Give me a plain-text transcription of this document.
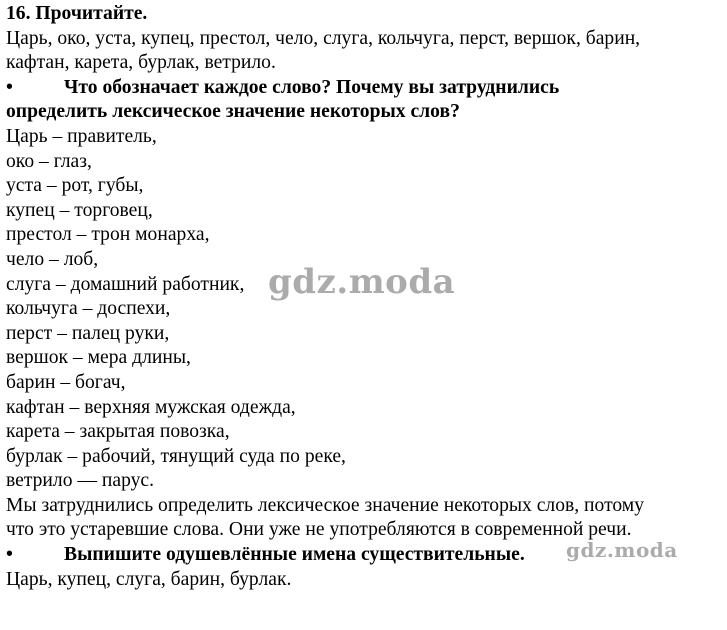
16. Прочитайте.
Царь, око, уста, купец, престол, чело, слуга, кольчуга, перст, вершок, барин,
кафтан, карета, бурлак, ветрило.
•	Что обозначает каждое слово? Почему вы затруднились
определить лексическое значение некоторых слов?
Царь – правитель,
око – глаз,
уста – рот, губы,
купец – торговец,
престол – трон монарха,
чело – лоб,
слуга – домашний работник,
кольчуга – доспехи,
перст – палец руки,
вершок – мера длины,
барин – богач,
кафтан – верхняя мужская одежда,
карета – закрытая повозка,
бурлак – рабочий, тянущий суда по реке,
ветрило — парус.
Мы затруднились определить лексическое значение некоторых слов, потому
что это устаревшие слова. Они уже не употребляются в современной речи.
•	Выпишите одушевлённые имена существительные.
Царь, купец, слуга, барин, бурлак.
gdz.moda
gdz.moda
